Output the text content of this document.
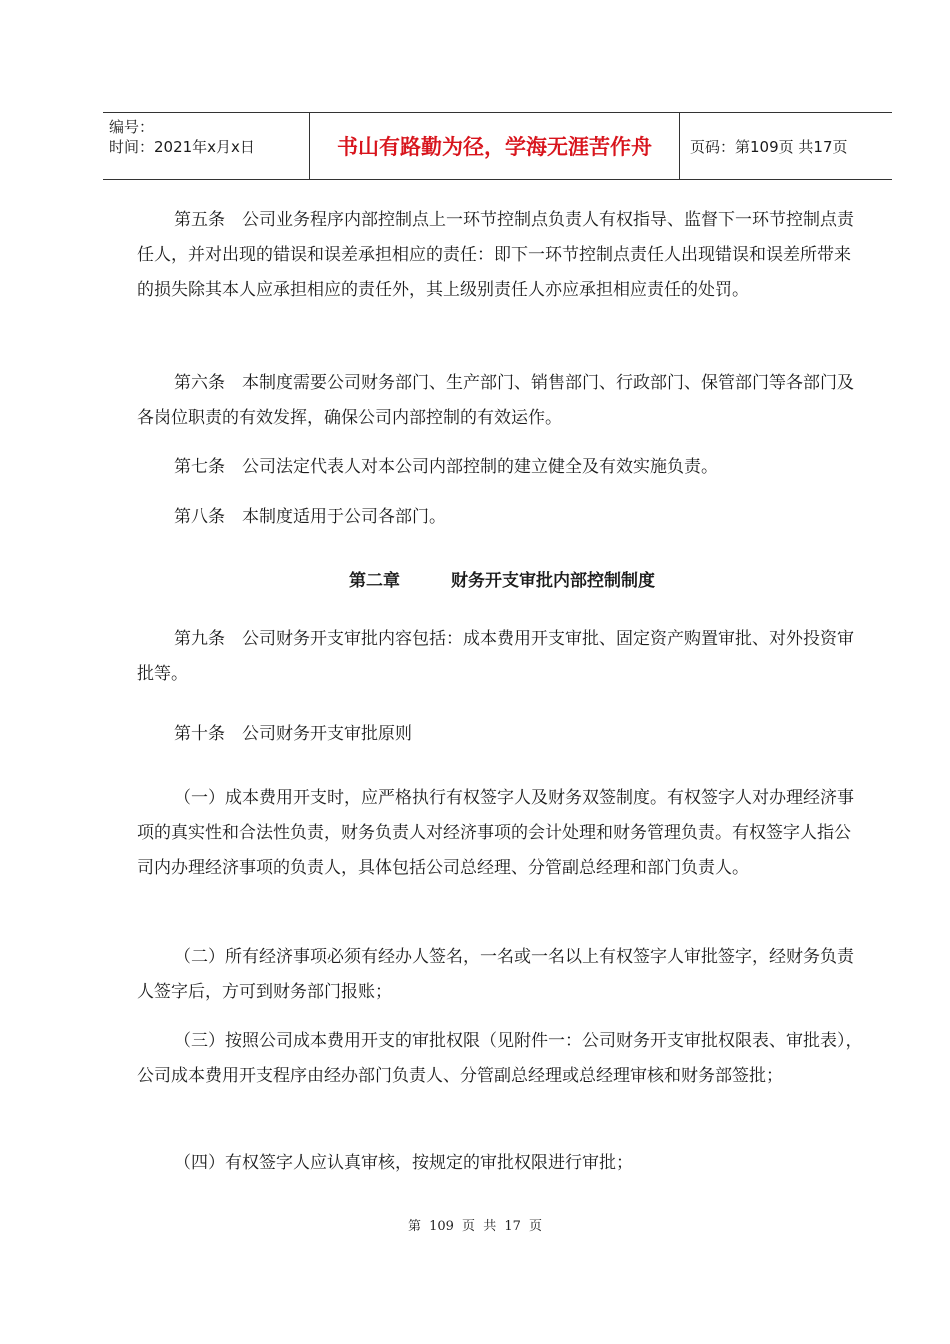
编号：
时间：2021年x月x日	书山有路勤为径，学海无涯苦作舟	页码：第109页 共17页

第五条　公司业务程序内部控制点上一环节控制点负责人有权指导、监督下一环节控制点责任人，并对出现的错误和误差承担相应的责任：即下一环节控制点责任人出现错误和误差所带来的损失除其本人应承担相应的责任外，其上级别责任人亦应承担相应责任的处罚。

第六条　本制度需要公司财务部门、生产部门、销售部门、行政部门、保管部门等各部门及各岗位职责的有效发挥，确保公司内部控制的有效运作。

第七条　公司法定代表人对本公司内部控制的建立健全及有效实施负责。

第八条　本制度适用于公司各部门。

第二章　　　财务开支审批内部控制制度

第九条　公司财务开支审批内容包括：成本费用开支审批、固定资产购置审批、对外投资审批等。

第十条　公司财务开支审批原则

（一）成本费用开支时，应严格执行有权签字人及财务双签制度。有权签字人对办理经济事项的真实性和合法性负责，财务负责人对经济事项的会计处理和财务管理负责。有权签字人指公司内办理经济事项的负责人，具体包括公司总经理、分管副总经理和部门负责人。

（二）所有经济事项必须有经办人签名，一名或一名以上有权签字人审批签字，经财务负责人签字后，方可到财务部门报账；

（三）按照公司成本费用开支的审批权限（见附件一：公司财务开支审批权限表、审批表），公司成本费用开支程序由经办部门负责人、分管副总经理或总经理审核和财务部签批；

（四）有权签字人应认真审核，按规定的审批权限进行审批；

第 109 页 共 17 页
